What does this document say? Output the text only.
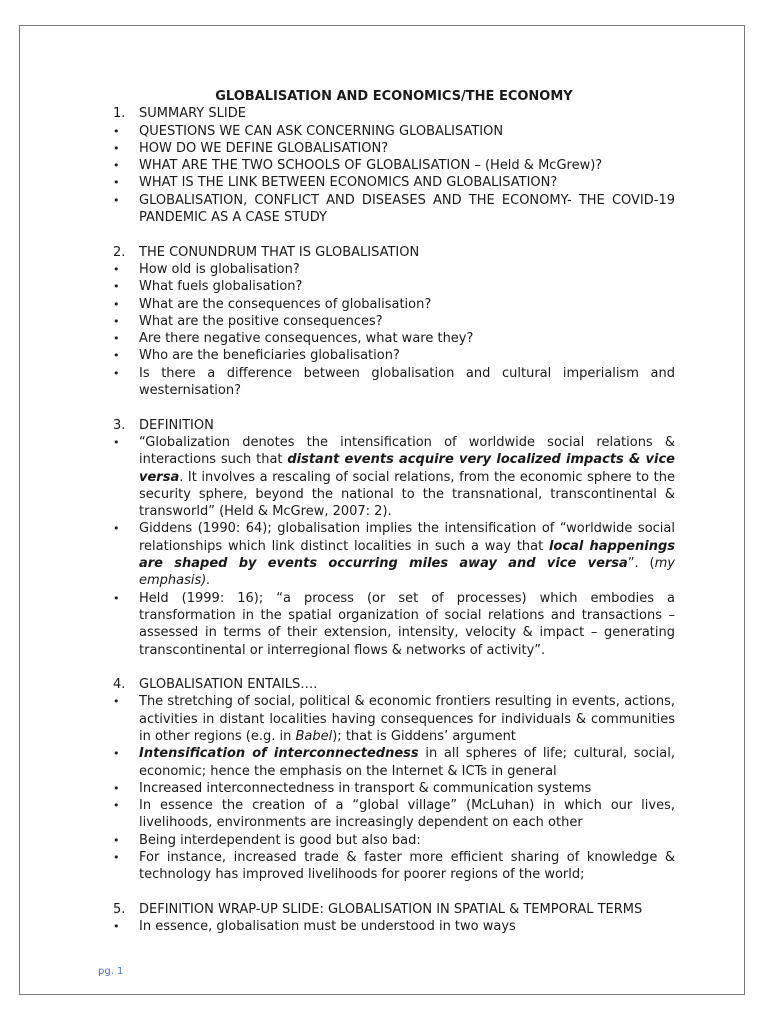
GLOBALISATION AND ECONOMICS/THE ECONOMY
1.	SUMMARY SLIDE
•	QUESTIONS WE CAN ASK CONCERNING GLOBALISATION
•	HOW DO WE DEFINE GLOBALISATION?
•	WHAT ARE THE TWO SCHOOLS OF GLOBALISATION – (Held & McGrew)?
•	WHAT IS THE LINK BETWEEN ECONOMICS AND GLOBALISATION?
•	GLOBALISATION, CONFLICT AND DISEASES AND THE ECONOMY- THE COVID-19 PANDEMIC AS A CASE STUDY
2.	THE CONUNDRUM THAT IS GLOBALISATION
•	How old is globalisation?
•	What fuels globalisation?
•	What are the consequences of globalisation?
•	What are the positive consequences?
•	Are there negative consequences, what ware they?
•	Who are the beneficiaries globalisation?
•	Is there a difference between globalisation and cultural imperialism and westernisation?
3.	DEFINITION
•	“Globalization denotes the intensification of worldwide social relations & interactions such that distant events acquire very localized impacts & vice versa. It involves a rescaling of social relations, from the economic sphere to the security sphere, beyond the national to the transnational, transcontinental & transworld” (Held & McGrew, 2007: 2).
•	Giddens (1990: 64); globalisation implies the intensification of “worldwide social relationships which link distinct localities in such a way that local happenings are shaped by events occurring miles away and vice versa”. (my emphasis).
•	Held (1999: 16); “a process (or set of processes) which embodies a transformation in the spatial organization of social relations and transactions – assessed in terms of their extension, intensity, velocity & impact – generating transcontinental or interregional flows & networks of activity”.
4.	GLOBALISATION ENTAILS….
•	The stretching of social, political & economic frontiers resulting in events, actions, activities in distant localities having consequences for individuals & communities in other regions (e.g. in Babel); that is Giddens’ argument
•	Intensification of interconnectedness in all spheres of life; cultural, social, economic; hence the emphasis on the Internet & ICTs in general
•	Increased interconnectedness in transport & communication systems
•	In essence the creation of a “global village” (McLuhan) in which our lives, livelihoods, environments are increasingly dependent on each other
•	Being interdependent is good but also bad:
•	For instance, increased trade & faster more efficient sharing of knowledge & technology has improved livelihoods for poorer regions of the world;
5.	DEFINITION WRAP-UP SLIDE: GLOBALISATION IN SPATIAL & TEMPORAL TERMS
•	In essence, globalisation must be understood in two ways
pg. 1
